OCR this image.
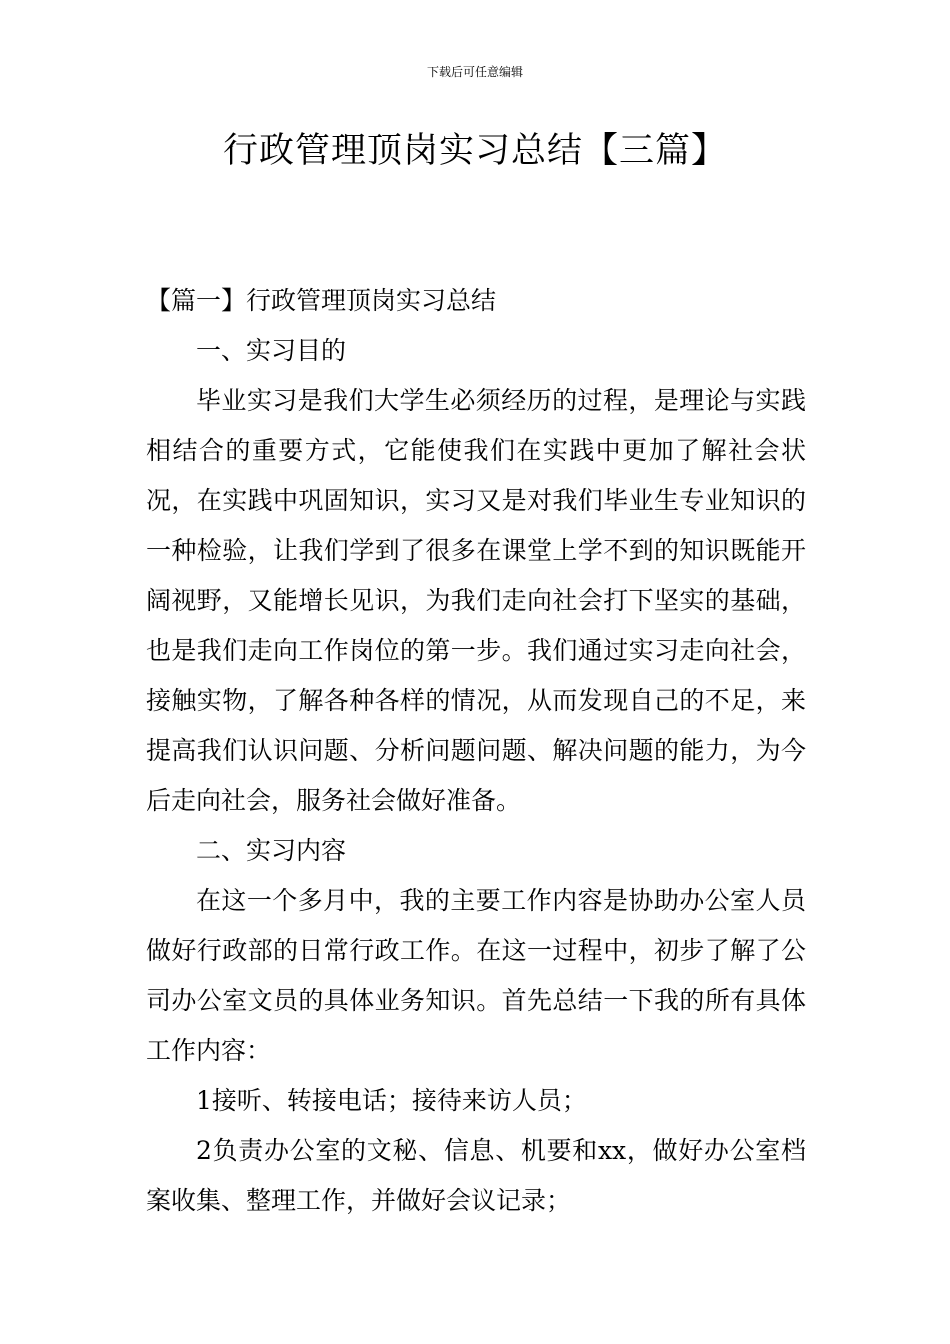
下载后可任意编辑
行政管理顶岗实习总结【三篇】

【篇一】行政管理顶岗实习总结

一、实习目的

毕业实习是我们大学生必须经历的过程，是理论与实践相结合的重要方式，它能使我们在实践中更加了解社会状况，在实践中巩固知识，实习又是对我们毕业生专业知识的一种检验，让我们学到了很多在课堂上学不到的知识既能开阔视野，又能增长见识，为我们走向社会打下坚实的基础，也是我们走向工作岗位的第一步。我们通过实习走向社会，接触实物，了解各种各样的情况，从而发现自己的不足，来提高我们认识问题、分析问题问题、解决问题的能力，为今后走向社会，服务社会做好准备。

二、实习内容

在这一个多月中，我的主要工作内容是协助办公室人员做好行政部的日常行政工作。在这一过程中，初步了解了公司办公室文员的具体业务知识。首先总结一下我的所有具体工作内容：

1接听、转接电话；接待来访人员；

2负责办公室的文秘、信息、机要和xx，做好办公室档案收集、整理工作，并做好会议记录；
